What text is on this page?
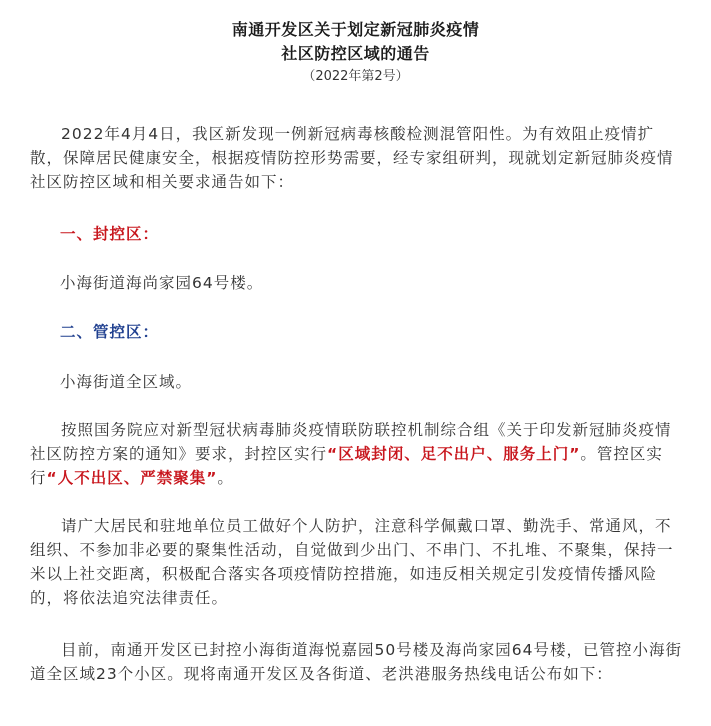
南通开发区关于划定新冠肺炎疫情
社区防控区域的通告
（2022年第2号）

2022年4月4日，我区新发现一例新冠病毒核酸检测混管阳性。为有效阻止疫情扩散，保障居民健康安全，根据疫情防控形势需要，经专家组研判，现就划定新冠肺炎疫情社区防控区域和相关要求通告如下：

一、封控区：
小海街道海尚家园64号楼。
二、管控区：
小海街道全区域。

按照国务院应对新型冠状病毒肺炎疫情联防联控机制综合组《关于印发新冠肺炎疫情社区防控方案的通知》要求，封控区实行“区域封闭、足不出户、服务上门”。管控区实行“人不出区、严禁聚集”。

请广大居民和驻地单位员工做好个人防护，注意科学佩戴口罩、勤洗手、常通风，不组织、不参加非必要的聚集性活动，自觉做到少出门、不串门、不扎堆、不聚集，保持一米以上社交距离，积极配合落实各项疫情防控措施，如违反相关规定引发疫情传播风险的，将依法追究法律责任。

目前，南通开发区已封控小海街道海悦嘉园50号楼及海尚家园64号楼，已管控小海街道全区域23个小区。现将南通开发区及各街道、老洪港服务热线电话公布如下：
